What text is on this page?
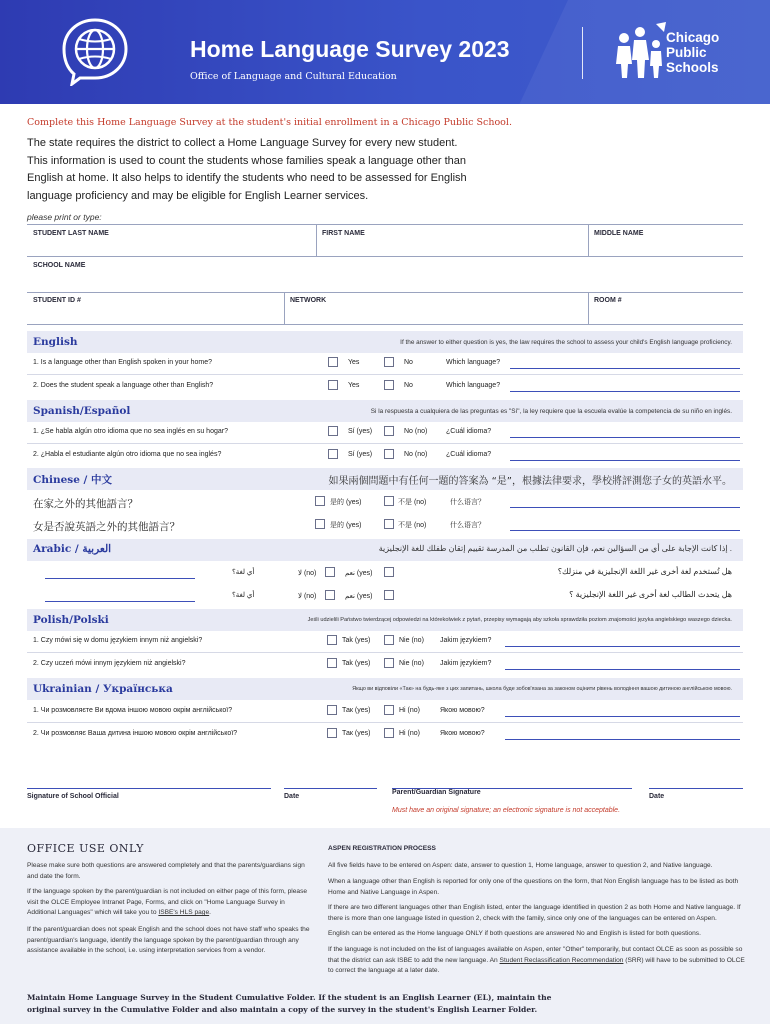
Home Language Survey 2023
Office of Language and Cultural Education
Chicago
Public
Schools
Complete this Home Language Survey at the student's initial enrollment in a Chicago Public School.
The state requires the district to collect a Home Language Survey for every new student. This information is used to count the students whose families speak a language other than English at home. It also helps to identify the students who need to be assessed for English language proficiency and may be eligible for English Learner services.
please print or type:
STUDENT LAST NAME	FIRST NAME	MIDDLE NAME
SCHOOL NAME
STUDENT ID #	NETWORK	ROOM #
English	If the answer to either question is yes, the law requires the school to assess your child's English language proficiency.
1. Is a language other than English spoken in your home?	Yes	No	Which language?
2. Does the student speak a language other than English?	Yes	No	Which language?
Spanish/Español	Si la respuesta a cualquiera de las preguntas es "Sí", la ley requiere que la escuela evalúe la competencia de su niño en inglés.
1. ¿Se habla algún otro idioma que no sea inglés en su hogar?	Sí (yes)	No (no)	¿Cuál idioma?
2. ¿Habla el estudiante algún otro idioma que no sea inglés?	Sí (yes)	No (no)	¿Cuál idioma?
Chinese / 中文	如果兩個問題中有任何一題的答案為 “是”，根據法律要求，學校將評測您子女的英語水平。
在家之外的其他語言？	是的 (yes)	不是 (no)	什么语言？
女是否說英語之外的其他語言？	是的 (yes)	不是 (no)	什么语言？
Arabic / العربية	إذا كانت الإجابة على أي من السؤالين نعم، فإن القانون تطلب من المدرسة تقييم إتقان طفلك للغة الإنجليزية .
أي لغة؟	لا (no)	نعم (yes)	هل تُستخدم لغة أخرى غير اللغة الإنجليزية في منزلك؟
أي لغة؟	لا (no)	نعم (yes)	هل يتحدث الطالب لغة أخرى غير اللغة الإنجليزية ؟
Polish/Polski	Jeśli udzielili Państwo twierdzącej odpowiedzi na którekolwiek z pytań, przepisy wymagają aby szkoła sprawdziła poziom znajomości języka angielskiego waszego dziecka.
1. Czy mówi się w domu językiem innym niż angielski?	Tak (yes)	Nie (no) Jakim językiem?
2. Czy uczeń mówi innym językiem niż angielski?	Tak (yes)	Nie (no) Jakim językiem?
Ukrainian / Українська	Якщо ви відповіли «Так» на будь-яке з цих запитань, школа буде зобов'язана за законом оцінити рівень володіння вашою дитиною англійською мовою.
1. Чи розмовляєте Ви вдома іншою мовою окрім англійської?	Так (yes)	Ні (no)	Якою мовою?
2. Чи розмовляє Ваша дитина іншою мовою окрім англійської?	Так (yes)	Ні (no)	Якою мовою?
Signature of School Official	Date
Parent/Guardian Signature
Date
Must have an original signature; an electronic signature is not acceptable.
OFFICE USE ONLY
Please make sure both questions are answered completely and that the parents/guardians sign and date the form.
If the language spoken by the parent/guardian is not included on either page of this form, please visit the OLCE Employee Intranet Page, Forms, and click on "Home Language Survey in Additional Languages" which will take you to ISBE's HLS page.
If the parent/guardian does not speak English and the school does not have staff who speaks the parent/guardian's language, identify the language spoken by the parent/guardian through any assistance available in the school, i.e. using interpretation services from a vendor.
ASPEN REGISTRATION PROCESS
All five fields have to be entered on Aspen: date, answer to question 1, Home language, answer to question 2, and Native language.
When a language other than English is reported for only one of the questions on the form, that Non English language has to be listed as both Home and Native Language in Aspen.
If there are two different languages other than English listed, enter the language identified in question 2 as both Home and Native language. If there is more than one language listed in question 2, check with the family, since only one of the languages can be entered on Aspen.
English can be entered as the Home language ONLY if both questions are answered No and English is listed for both questions.
If the language is not included on the list of languages available on Aspen, enter "Other" temporarily, but contact OLCE as soon as possible so that the district can ask ISBE to add the new language. An Student Reclassification Recommendation (SRR) will have to be submitted to OLCE to correct the language at a later date.
Maintain Home Language Survey in the Student Cumulative Folder. If the student is an English Learner (EL), maintain the original survey in the Cumulative Folder and also maintain a copy of the survey in the student's English Learner Folder.
